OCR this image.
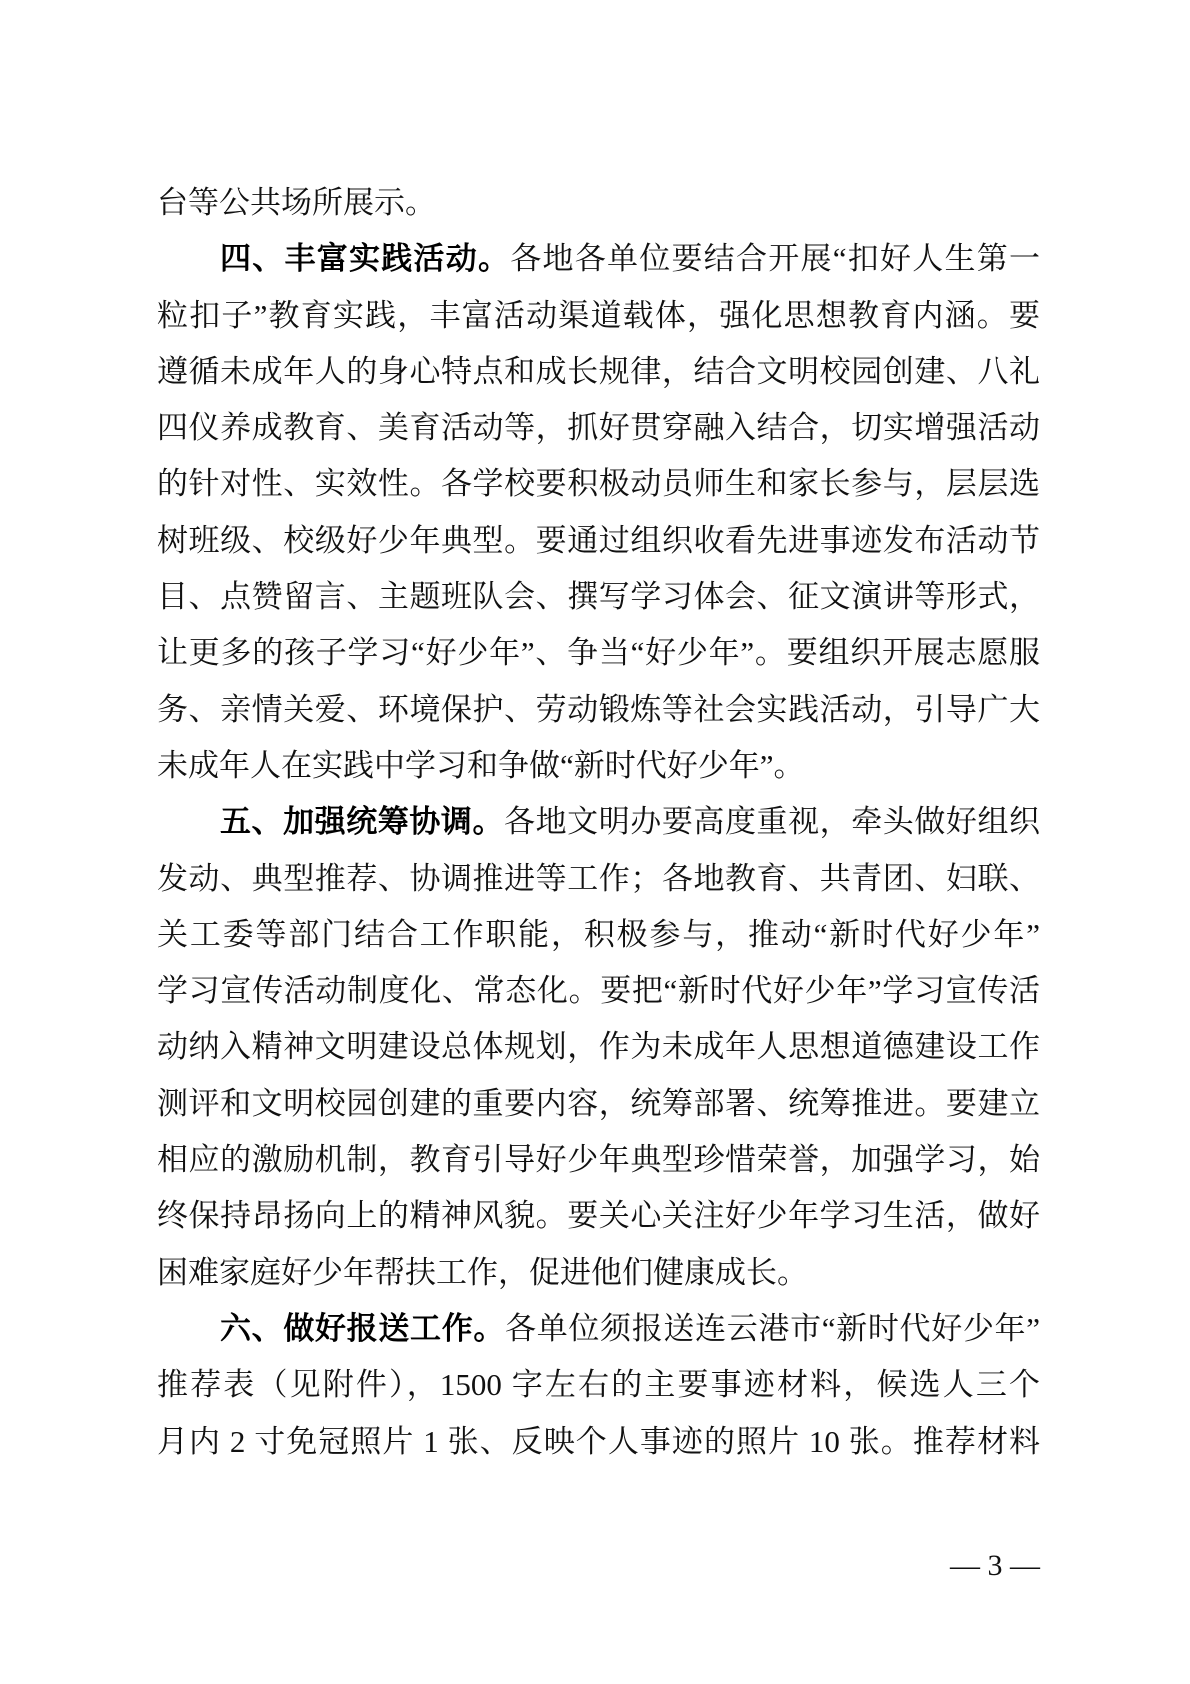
台等公共场所展示。
四、丰富实践活动。各地各单位要结合开展“扣好人生第一
粒扣子”教育实践，丰富活动渠道载体，强化思想教育内涵。要
遵循未成年人的身心特点和成长规律，结合文明校园创建、八礼
四仪养成教育、美育活动等，抓好贯穿融入结合，切实增强活动
的针对性、实效性。各学校要积极动员师生和家长参与，层层选
树班级、校级好少年典型。要通过组织收看先进事迹发布活动节
目、点赞留言、主题班队会、撰写学习体会、征文演讲等形式，
让更多的孩子学习“好少年”、争当“好少年”。要组织开展志愿服
务、亲情关爱、环境保护、劳动锻炼等社会实践活动，引导广大
未成年人在实践中学习和争做“新时代好少年”。
五、加强统筹协调。各地文明办要高度重视，牵头做好组织
发动、典型推荐、协调推进等工作；各地教育、共青团、妇联、
关工委等部门结合工作职能，积极参与，推动“新时代好少年”
学习宣传活动制度化、常态化。要把“新时代好少年”学习宣传活
动纳入精神文明建设总体规划，作为未成年人思想道德建设工作
测评和文明校园创建的重要内容，统筹部署、统筹推进。要建立
相应的激励机制，教育引导好少年典型珍惜荣誉，加强学习，始
终保持昂扬向上的精神风貌。要关心关注好少年学习生活，做好
困难家庭好少年帮扶工作，促进他们健康成长。
六、做好报送工作。各单位须报送连云港市“新时代好少年”
推荐表（见附件），1500 字左右的主要事迹材料，候选人三个
月内 2 寸免冠照片 1 张、反映个人事迹的照片 10 张。推荐材料
— 3 —
